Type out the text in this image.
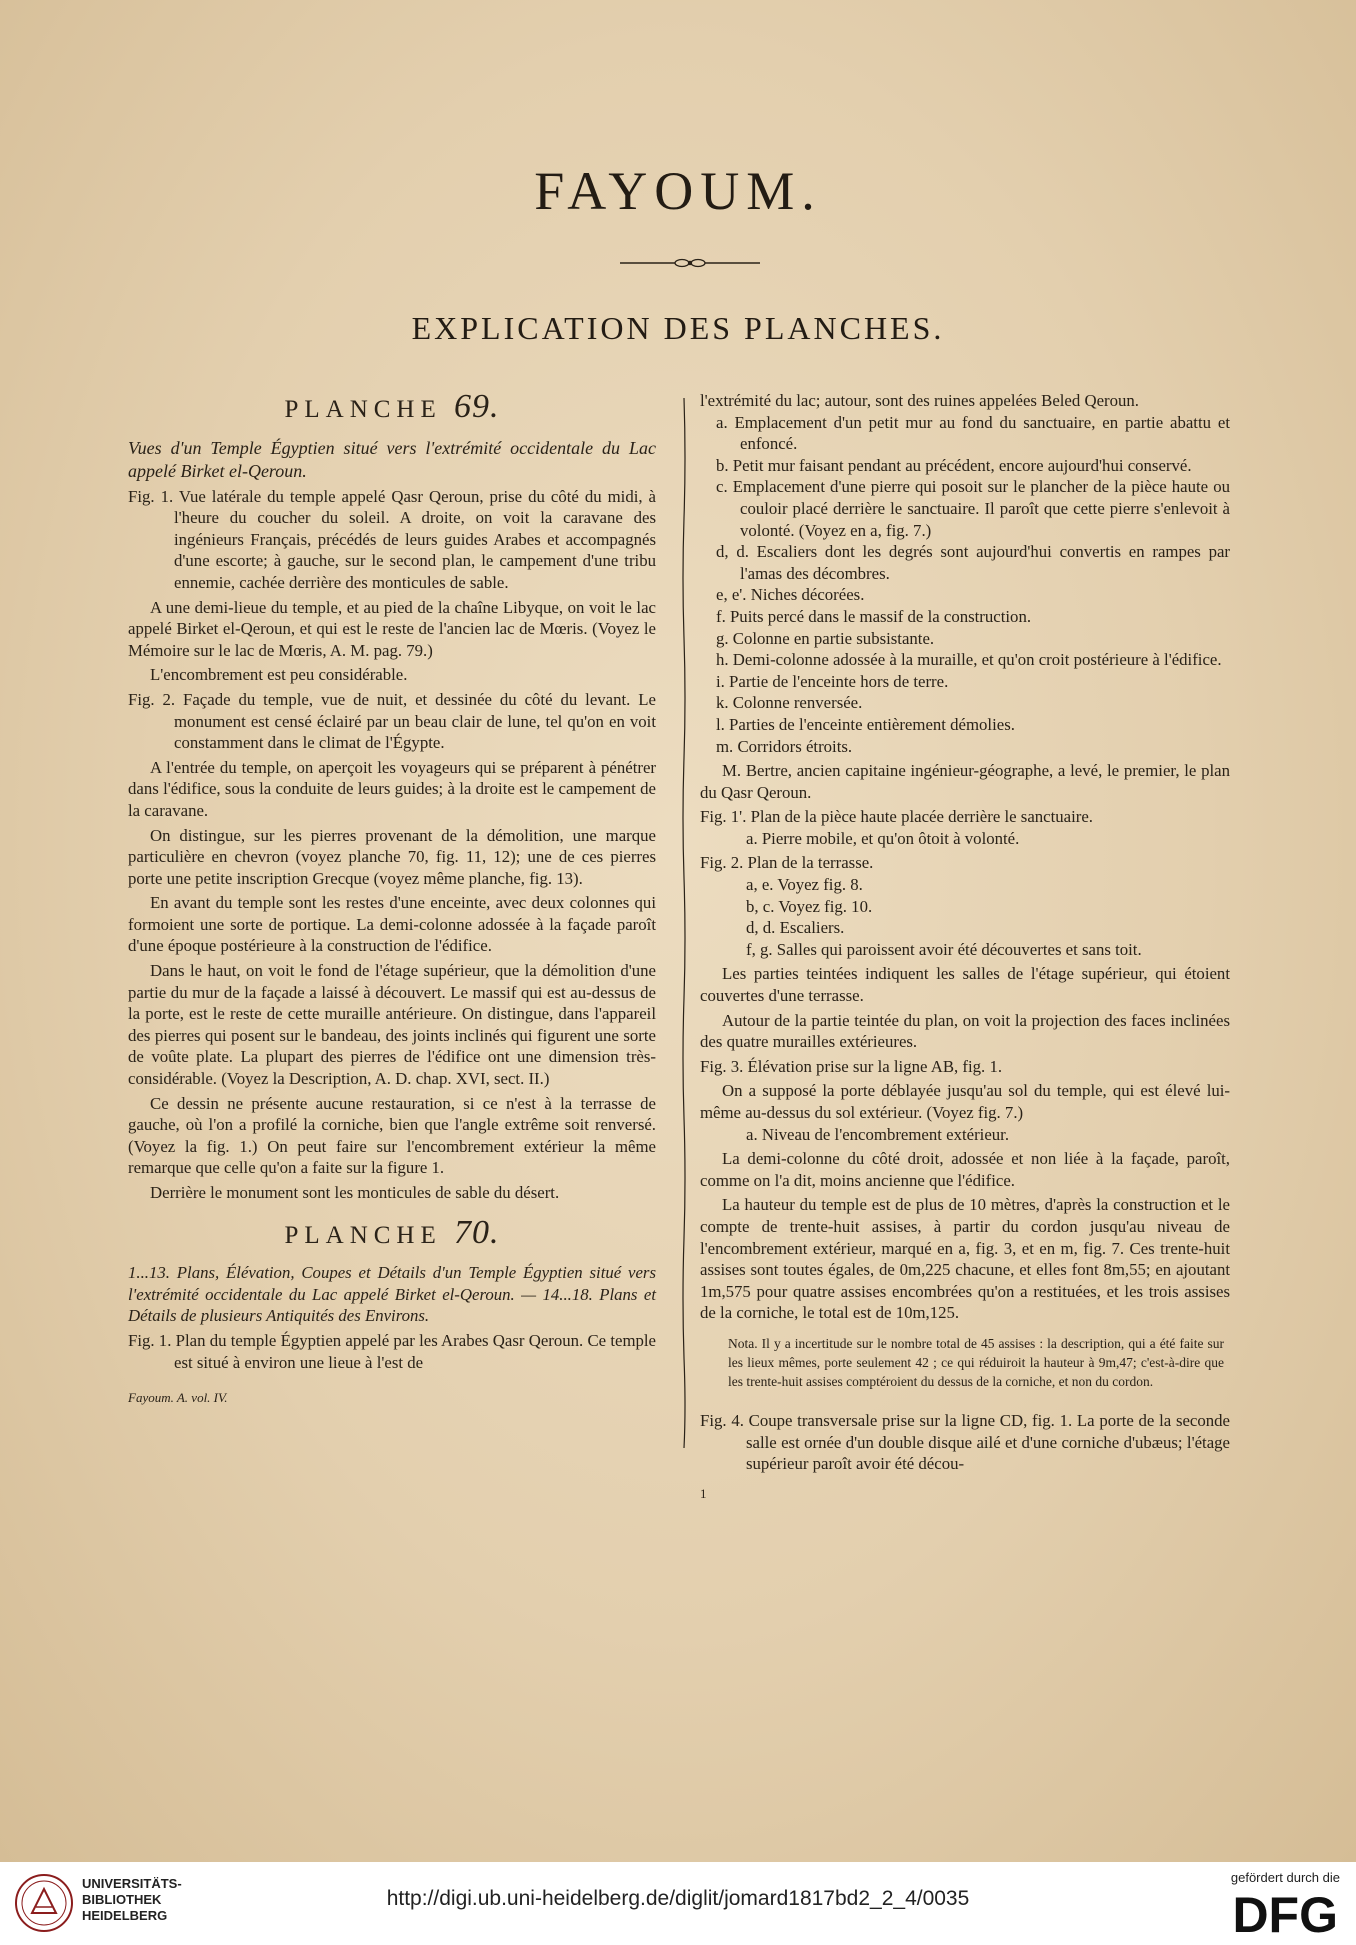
FAYOUM.
EXPLICATION DES PLANCHES.
PLANCHE 69.

Vues d'un Temple Égyptien situé vers l'extrémité occidentale du Lac appelé Birket el-Qeroun.

Fig. 1. Vue latérale du temple appelé Qasr Qeroun, prise du côté du midi, à l'heure du coucher du soleil. A droite, on voit la caravane des ingénieurs Français, précédés de leurs guides Arabes et accompagnés d'une escorte; à gauche, sur le second plan, le campement d'une tribu ennemie, cachée derrière des monticules de sable.

A une demi-lieue du temple, et au pied de la chaîne Libyque, on voit le lac appelé Birket el-Qeroun, et qui est le reste de l'ancien lac de Mœris. (Voyez le Mémoire sur le lac de Mœris, A. M. pag. 79.)

L'encombrement est peu considérable.

Fig. 2. Façade du temple, vue de nuit, et dessinée du côté du levant. Le monument est censé éclairé par un beau clair de lune, tel qu'on en voit constamment dans le climat de l'Égypte.

A l'entrée du temple, on aperçoit les voyageurs qui se préparent à pénétrer dans l'édifice, sous la conduite de leurs guides; à la droite est le campement de la caravane.

On distingue, sur les pierres provenant de la démolition, une marque particulière en chevron (voyez planche 70, fig. 11, 12); une de ces pierres porte une petite inscription Grecque (voyez même planche, fig. 13).

En avant du temple sont les restes d'une enceinte, avec deux colonnes qui formoient une sorte de portique. La demi-colonne adossée à la façade paroît d'une époque postérieure à la construction de l'édifice.

Dans le haut, on voit le fond de l'étage supérieur, que la démolition d'une partie du mur de la façade a laissé à découvert. Le massif qui est au-dessus de la porte, est le reste de cette muraille antérieure. On distingue, dans l'appareil des pierres qui posent sur le bandeau, des joints inclinés qui figurent une sorte de voûte plate. La plupart des pierres de l'édifice ont une dimension très-considérable. (Voyez la Description, A. D. chap. XVI, sect. II.)

Ce dessin ne présente aucune restauration, si ce n'est à la terrasse de gauche, où l'on a profilé la corniche, bien que l'angle extrême soit renversé. (Voyez la fig. 1.) On peut faire sur l'encombrement extérieur la même remarque que celle qu'on a faite sur la figure 1.

Derrière le monument sont les monticules de sable du désert.

PLANCHE 70.

1...13. Plans, Élévation, Coupes et Détails d'un Temple Égyptien situé vers l'extrémité occidentale du Lac appelé Birket el-Qeroun. — 14...18. Plans et Détails de plusieurs Antiquités des Environs.

Fig. 1. Plan du temple Égyptien appelé par les Arabes Qasr Qeroun. Ce temple est situé à environ une lieue à l'est de

Fayoum. A. vol. IV.

l'extrémité du lac; autour, sont des ruines appelées Beled Qeroun.

a. Emplacement d'un petit mur au fond du sanctuaire, en partie abattu et enfoncé.

b. Petit mur faisant pendant au précédent, encore aujourd'hui conservé.

c. Emplacement d'une pierre qui posoit sur le plancher de la pièce haute ou couloir placé derrière le sanctuaire. Il paroît que cette pierre s'enlevoit à volonté. (Voyez en a, fig. 7.)

d, d. Escaliers dont les degrés sont aujourd'hui convertis en rampes par l'amas des décombres.

e, e'. Niches décorées.

f. Puits percé dans le massif de la construction.

g. Colonne en partie subsistante.

h. Demi-colonne adossée à la muraille, et qu'on croit postérieure à l'édifice.

i. Partie de l'enceinte hors de terre.

k. Colonne renversée.

l. Parties de l'enceinte entièrement démolies.

m. Corridors étroits.

M. Bertre, ancien capitaine ingénieur-géographe, a levé, le premier, le plan du Qasr Qeroun.

Fig. 1'. Plan de la pièce haute placée derrière le sanctuaire.

a. Pierre mobile, et qu'on ôtoit à volonté.

Fig. 2. Plan de la terrasse.

a, e. Voyez fig. 8.

b, c. Voyez fig. 10.

d, d. Escaliers.

f, g. Salles qui paroissent avoir été découvertes et sans toit.

Les parties teintées indiquent les salles de l'étage supérieur, qui étoient couvertes d'une terrasse.

Autour de la partie teintée du plan, on voit la projection des faces inclinées des quatre murailles extérieures.

Fig. 3. Élévation prise sur la ligne AB, fig. 1.

On a supposé la porte déblayée jusqu'au sol du temple, qui est élevé lui-même au-dessus du sol extérieur. (Voyez fig. 7.)

a. Niveau de l'encombrement extérieur.

La demi-colonne du côté droit, adossée et non liée à la façade, paroît, comme on l'a dit, moins ancienne que l'édifice.

La hauteur du temple est de plus de 10 mètres, d'après la construction et le compte de trente-huit assises, à partir du cordon jusqu'au niveau de l'encombrement extérieur, marqué en a, fig. 3, et en m, fig. 7. Ces trente-huit assises sont toutes égales, de 0m,225 chacune, et elles font 8m,55; en ajoutant 1m,575 pour quatre assises encombrées qu'on a restituées, et les trois assises de la corniche, le total est de 10m,125.

Nota. Il y a incertitude sur le nombre total de 45 assises : la description, qui a été faite sur les lieux mêmes, porte seulement 42 ; ce qui réduiroit la hauteur à 9m,47; c'est-à-dire que les trente-huit assises comptéroient du dessus de la corniche, et non du cordon.

Fig. 4. Coupe transversale prise sur la ligne CD, fig. 1. La porte de la seconde salle est ornée d'un double disque ailé et d'une corniche d'ubæus; l'étage supérieur paroît avoir été décou-

1

UNIVERSITÄTS-
BIBLIOTHEK
HEIDELBERG
http://digi.ub.uni-heidelberg.de/diglit/jomard1817bd2_2_4/0035
gefördert durch die
DFG
